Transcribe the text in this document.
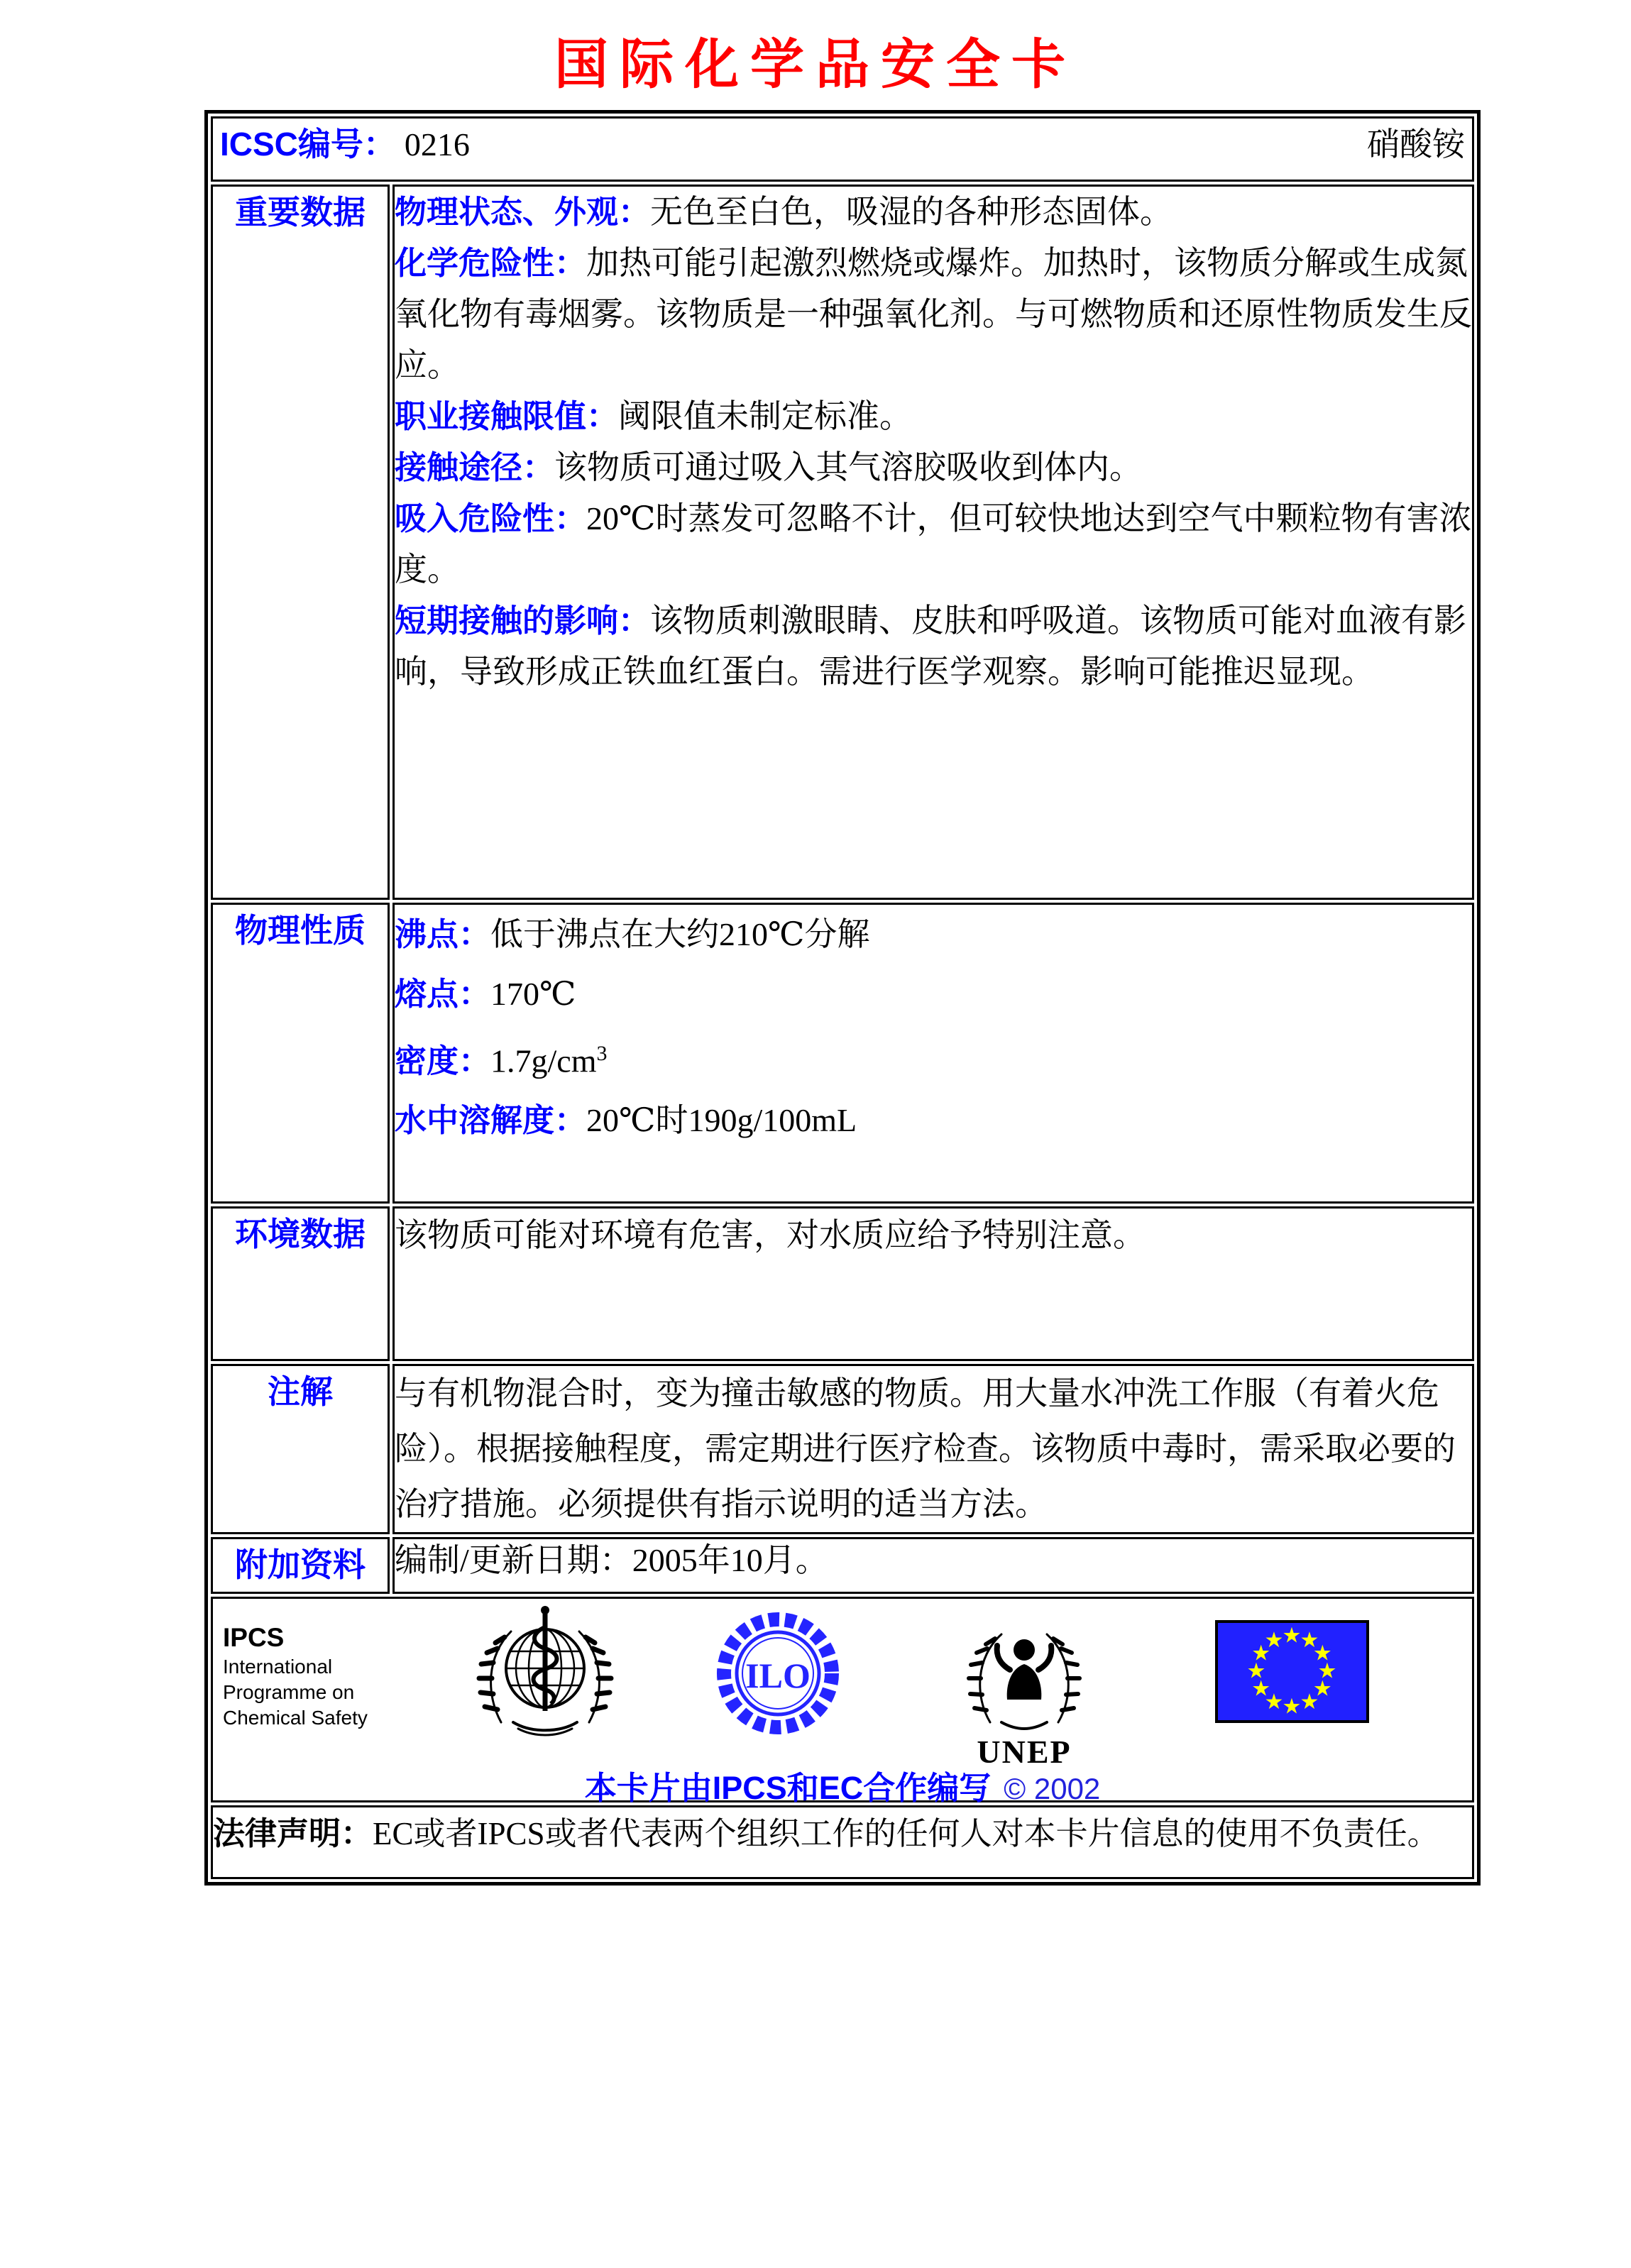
国际化学品安全卡
ICSC编号： 0216 硝酸铵	

重要数据	物理状态、外观：无色至白色，吸湿的各种形态固体。
化学危险性：加热可能引起激烈燃烧或爆炸。加热时，该物质分解或生成氮氧化物有毒烟雾。该物质是一种强氧化剂。与可燃物质和还原性物质发生反应。
职业接触限值：阈限值未制定标准。
接触途径：该物质可通过吸入其气溶胶吸收到体内。
吸入危险性：20℃时蒸发可忽略不计，但可较快地达到空气中颗粒物有害浓度。
短期接触的影响：该物质刺激眼睛、皮肤和呼吸道。该物质可能对血液有影响，导致形成正铁血红蛋白。需进行医学观察。影响可能推迟显现。

物理性质	沸点：低于沸点在大约210℃分解
熔点：170℃
密度：$1.7g/cm^3$
水中溶解度：20℃时190g/100mL

环境数据	该物质可能对环境有危害，对水质应给予特别注意。

注解	与有机物混合时，变为撞击敏感的物质。用大量水冲洗工作服（有着火危险）。根据接触程度，需定期进行医疗检查。该物质中毒时，需采取必要的治疗措施。必须提供有指示说明的适当方法。

附加资料	编制/更新日期：2005年10月。

IPCS
International
Programme on
Chemical Safety
ILO
UNEP
★
★
★
★
★
★
★
★
★
★
★
★
本卡片由IPCS和EC合作编写 © 2002

法律声明：EC或者IPCS或者代表两个组织工作的任何人对本卡片信息的使用不负责任。	
